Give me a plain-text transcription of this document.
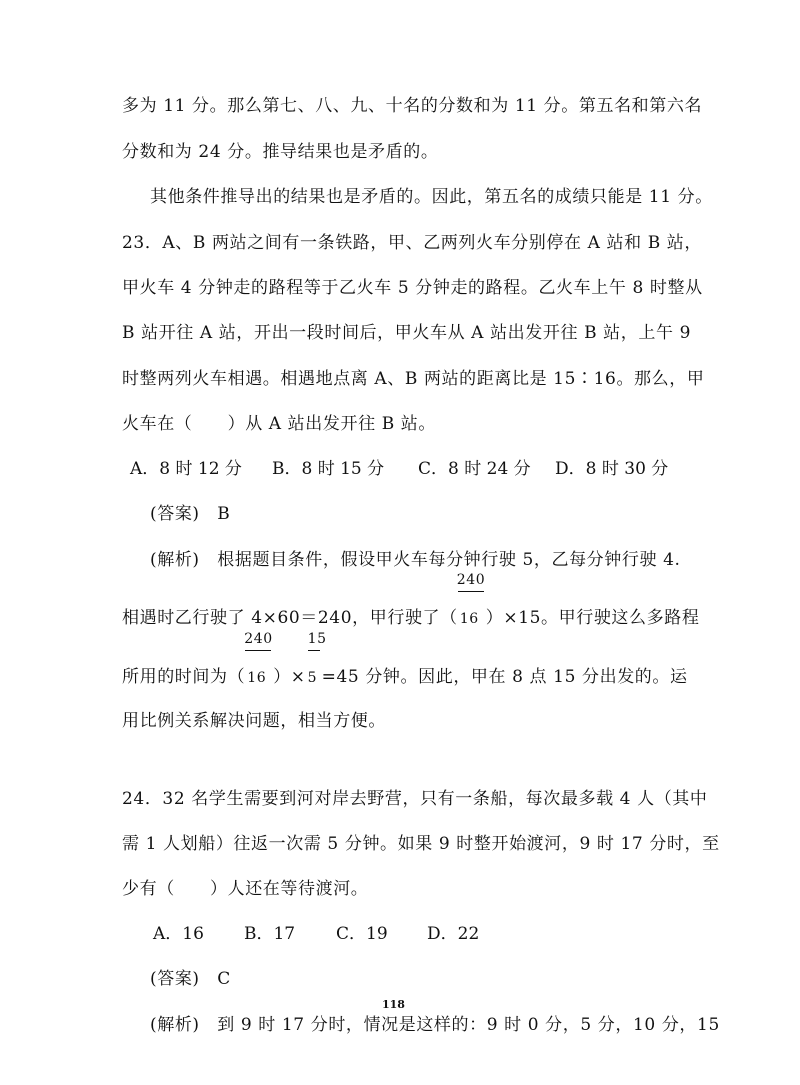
多为 11 分。那么第七、八、九、十名的分数和为 11 分。第五名和第六名
分数和为 24 分。推导结果也是矛盾的。
其他条件推导出的结果也是矛盾的。因此，第五名的成绩只能是 11 分。
23．A、B 两站之间有一条铁路，甲、乙两列火车分别停在 A 站和 B 站，
甲火车 4 分钟走的路程等于乙火车 5 分钟走的路程。乙火车上午 8 时整从
B 站开往 A 站，开出一段时间后，甲火车从 A 站出发开往 B 站，上午 9
时整两列火车相遇。相遇地点离 A、B 两站的距离比是 15∶16。那么，甲
火车在（　　）从 A 站出发开往 B 站。
A．8 时 12 分 B．8 时 15 分 C．8 时 24 分 D．8 时 30 分
(答案)　B
(解析)　根据题目条件，假设甲火车每分钟行驶 5，乙每分钟行驶 4.
相遇时乙行驶了 4×60＝240，甲行驶了（ $\frac{240}{16} )\times 15$。甲行驶这么多路程
所用的时间为（ $\frac{240}{16}$ ）× $\frac{15}{5} =45$ 分钟。因此，甲在 8 点 15 分出发的。运
用比例关系解决问题，相当方便。
24．32 名学生需要到河对岸去野营，只有一条船，每次最多载 4 人（其中
需 1 人划船）往返一次需 5 分钟。如果 9 时整开始渡河，9 时 17 分时，至
少有（　　）人还在等待渡河。
A．16 B．17 C．19 D．22
(答案)　C
(解析)　到 9 时 17 分时，情况是这样的：9 时 0 分，5 分，10 分，15
118
